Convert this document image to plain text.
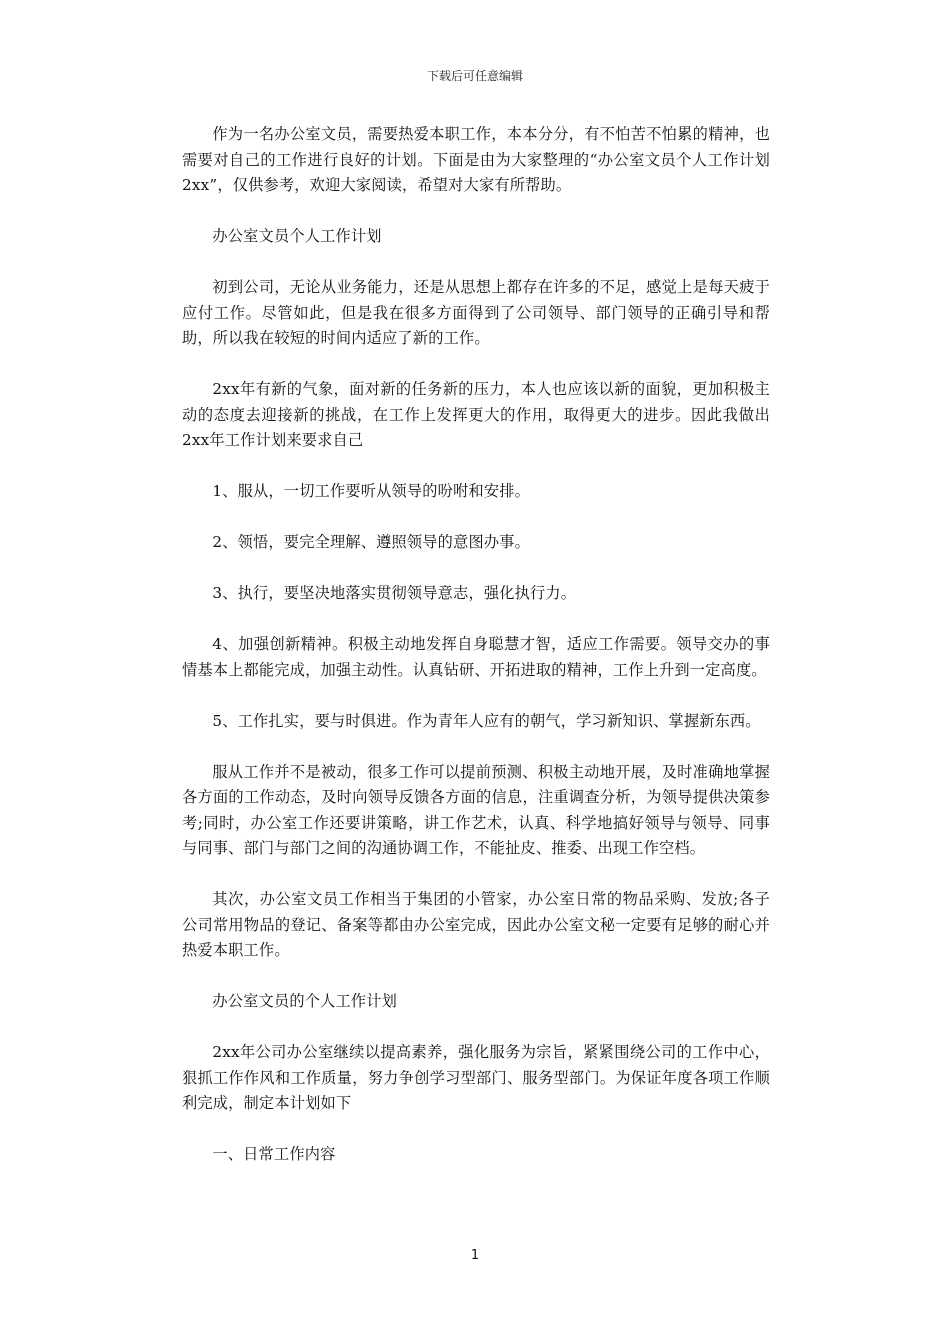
下载后可任意编辑

作为一名办公室文员，需要热爱本职工作，本本分分，有不怕苦不怕累的精神，也需要对自己的工作进行良好的计划。下面是由为大家整理的“办公室文员个人工作计划2xx”，仅供参考，欢迎大家阅读，希望对大家有所帮助。

办公室文员个人工作计划

初到公司，无论从业务能力，还是从思想上都存在许多的不足，感觉上是每天疲于应付工作。尽管如此，但是我在很多方面得到了公司领导、部门领导的正确引导和帮助，所以我在较短的时间内适应了新的工作。

2xx年有新的气象，面对新的任务新的压力，本人也应该以新的面貌，更加积极主动的态度去迎接新的挑战，在工作上发挥更大的作用，取得更大的进步。因此我做出2xx年工作计划来要求自己

1、服从，一切工作要听从领导的吩咐和安排。

2、领悟，要完全理解、遵照领导的意图办事。

3、执行，要坚决地落实贯彻领导意志，强化执行力。

4、加强创新精神。积极主动地发挥自身聪慧才智，适应工作需要。领导交办的事情基本上都能完成，加强主动性。认真钻研、开拓进取的精神，工作上升到一定高度。

5、工作扎实，要与时俱进。作为青年人应有的朝气，学习新知识、掌握新东西。

服从工作并不是被动，很多工作可以提前预测、积极主动地开展，及时准确地掌握各方面的工作动态，及时向领导反馈各方面的信息，注重调查分析，为领导提供决策参考;同时，办公室工作还要讲策略，讲工作艺术，认真、科学地搞好领导与领导、同事与同事、部门与部门之间的沟通协调工作，不能扯皮、推委、出现工作空档。

其次，办公室文员工作相当于集团的小管家，办公室日常的物品采购、发放;各子公司常用物品的登记、备案等都由办公室完成，因此办公室文秘一定要有足够的耐心并热爱本职工作。

办公室文员的个人工作计划

2xx年公司办公室继续以提高素养，强化服务为宗旨，紧紧围绕公司的工作中心，狠抓工作作风和工作质量，努力争创学习型部门、服务型部门。为保证年度各项工作顺利完成，制定本计划如下

一、日常工作内容

1
